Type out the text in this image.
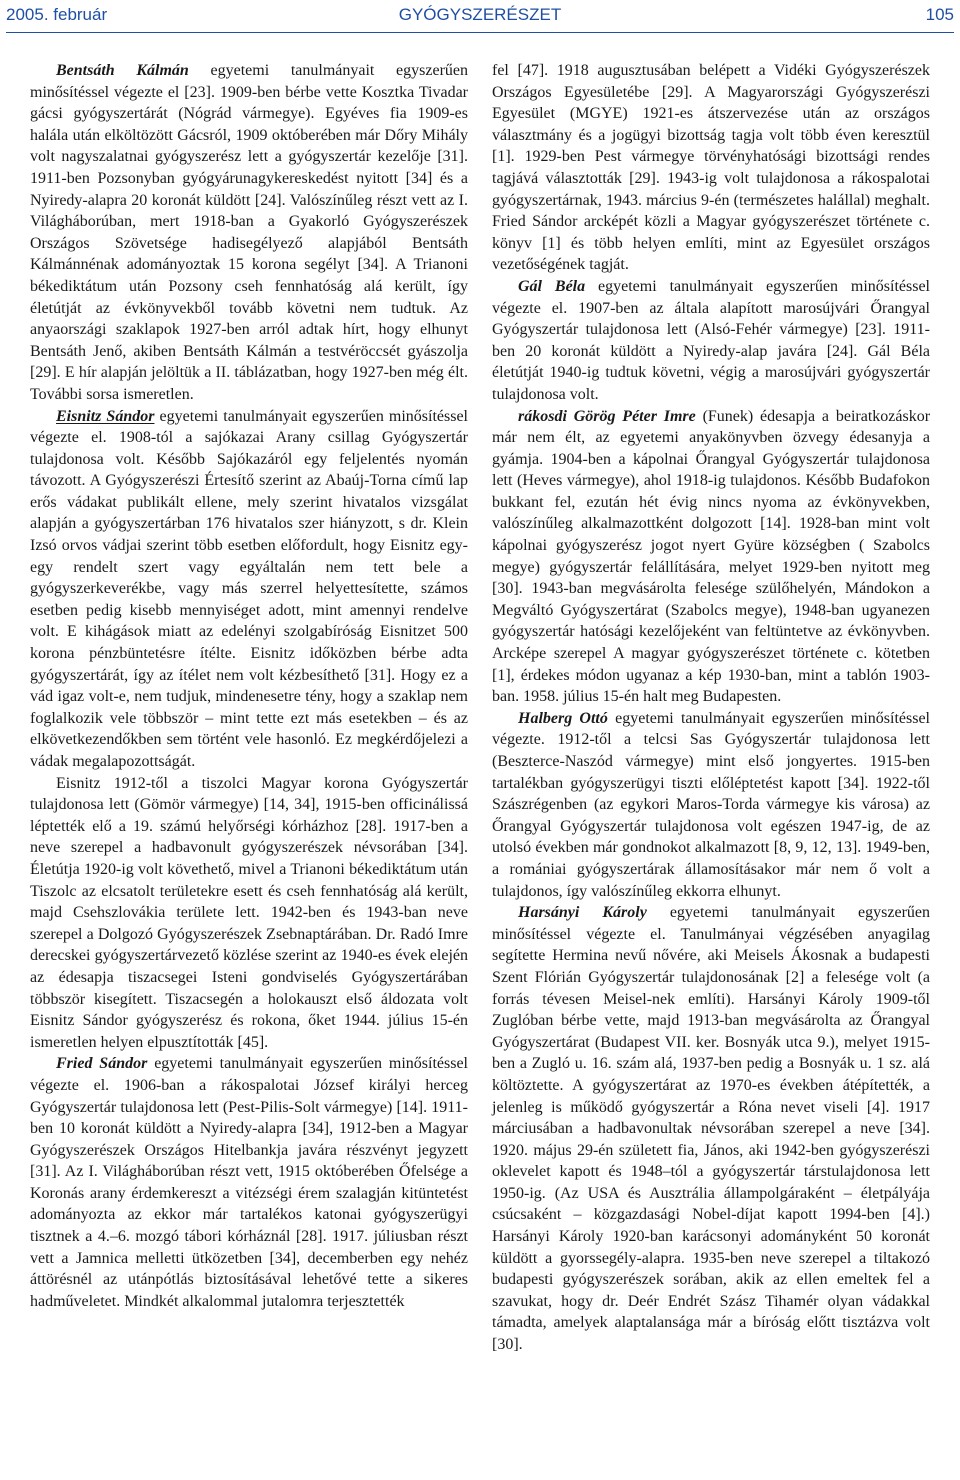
2005. február	GYÓGYSZERÉSZET	105

Bentsáth Kálmán egyetemi tanulmányait egyszerűen minősítéssel végezte el [23]. 1909-ben bérbe vette Kosztka Tivadar gácsi gyógyszertárát (Nógrád vármegye). Egyéves fia 1909-es halála után elköltözött Gácsról, 1909 októberében már Dőry Mihály volt nagyszalatnai gyógyszerész lett a gyógyszertár kezelője [31]. 1911-ben Pozsonyban gyógyárunagykereskedést nyitott [34] és a Nyiredy-alapra 20 koronát küldött [24]. Valószínűleg részt vett az I. Világháborúban, mert 1918-ban a Gyakorló Gyógyszerészek Országos Szövetsége hadisegélyező alapjából Bentsáth Kálmánnénak adományoztak 15 korona segélyt [34]. A Trianoni békediktátum után Pozsony cseh fennhatóság alá került, így életútját az évkönyvekből tovább követni nem tudtuk. Az anyaországi szaklapok 1927-ben arról adtak hírt, hogy elhunyt Bentsáth Jenő, akiben Bentsáth Kálmán a testvéröccsét gyászolja [29]. E hír alapján jelöltük a II. táblázatban, hogy 1927-ben még élt. További sorsa ismeretlen.

Eisnitz Sándor egyetemi tanulmányait egyszerűen minősítéssel végezte el. 1908-tól a sajókazai Arany csillag Gyógyszertár tulajdonosa volt. Később Sajókazáról egy feljelentés nyomán távozott. A Gyógyszerészi Értesítő szerint az Abaúj-Torna című lap erős vádakat publikált ellene, mely szerint hivatalos vizsgálat alapján a gyógyszertárban 176 hivatalos szer hiányzott, s dr. Klein Izsó orvos vádjai szerint több esetben előfordult, hogy Eisnitz egy-egy rendelt szert vagy egyáltalán nem tett bele a gyógyszerkeverékbe, vagy más szerrel helyettesítette, számos esetben pedig kisebb mennyiséget adott, mint amennyi rendelve volt. E kihágások miatt az edelényi szolgabíróság Eisnitzet 500 korona pénzbüntetésre ítélte. Eisnitz időközben bérbe adta gyógyszertárát, így az ítélet nem volt kézbesíthető [31]. Hogy ez a vád igaz volt-e, nem tudjuk, mindenesetre tény, hogy a szaklap nem foglalkozik vele többször – mint tette ezt más esetekben – és az elkövetkezendőkben sem történt vele hasonló. Ez megkérdőjelezi a vádak megalapozottságát.

Eisnitz 1912-től a tiszolci Magyar korona Gyógyszertár tulajdonosa lett (Gömör vármegye) [14, 34], 1915-ben officinálissá léptették elő a 19. számú helyőrségi kórházhoz [28]. 1917-ben a neve szerepel a hadbavonult gyógyszerészek névsorában [34]. Életútja 1920-ig volt követhető, mivel a Trianoni békediktátum után Tiszolc az elcsatolt területekre esett és cseh fennhatóság alá került, majd Csehszlovákia területe lett. 1942-ben és 1943-ban neve szerepel a Dolgozó Gyógyszerészek Zsebnaptárában. Dr. Radó Imre derecskei gyógyszertárvezető közlése szerint az 1940-es évek elején az édesapja tiszacsegei Isteni gondviselés Gyógyszertárában többször kisegített. Tiszacsegén a holokauszt első áldozata volt Eisnitz Sándor gyógyszerész és rokona, őket 1944. július 15-én ismeretlen helyen elpusztították [45].

Fried Sándor egyetemi tanulmányait egyszerűen minősítéssel végezte el. 1906-ban a rákospalotai József királyi herceg Gyógyszertár tulajdonosa lett (Pest-Pilis-Solt vármegye) [14]. 1911-ben 10 koronát küldött a Nyiredy-alapra [34], 1912-ben a Magyar Gyógyszerészek Országos Hitelbankja javára részvényt jegyzett [31]. Az I. Világháborúban részt vett, 1915 októberében Őfelsége a Koronás arany érdemkereszt a vitézségi érem szalagján kitüntetést adományozta az ekkor már tartalékos katonai gyógyszerügyi tisztnek a 4.–6. mozgó tábori kórháznál [28]. 1917. júliusban részt vett a Jamnica melletti ütközetben [34], decemberben egy nehéz áttörésnél az utánpótlás biztosításával lehetővé tette a sikeres hadműveletet. Mindkét alkalommal jutalomra terjesztették

fel [47]. 1918 augusztusában belépett a Vidéki Gyógyszerészek Országos Egyesületébe [29]. A Magyarországi Gyógyszerészi Egyesület (MGYE) 1921-es átszervezése után az országos választmány és a jogügyi bizottság tagja volt több éven keresztül [1]. 1929-ben Pest vármegye törvényhatósági bizottsági rendes tagjává választották [29]. 1943-ig volt tulajdonosa a rákospalotai gyógyszertárnak, 1943. március 9-én (természetes halállal) meghalt. Fried Sándor arcképét közli a Magyar gyógyszerészet története c. könyv [1] és több helyen említi, mint az Egyesület országos vezetőségének tagját.

Gál Béla egyetemi tanulmányait egyszerűen minősítéssel végezte el. 1907-ben az általa alapított marosújvári Őrangyal Gyógyszertár tulajdonosa lett (Alsó-Fehér vármegye) [23]. 1911-ben 20 koronát küldött a Nyiredy-alap javára [24]. Gál Béla életútját 1940-ig tudtuk követni, végig a marosújvári gyógyszertár tulajdonosa volt.

rákosdi Görög Péter Imre (Funek) édesapja a beiratkozáskor már nem élt, az egyetemi anyakönyvben özvegy édesanyja a gyámja. 1904-ben a kápolnai Őrangyal Gyógyszertár tulajdonosa lett (Heves vármegye), ahol 1918-ig tulajdonos. Később Budafokon bukkant fel, ezután hét évig nincs nyoma az évkönyvekben, valószínűleg alkalmazottként dolgozott [14]. 1928-ban mint volt kápolnai gyógyszerész jogot nyert Gyüre községben ( Szabolcs megye) gyógyszertár felállítására, melyet 1929-ben nyitott meg [30]. 1943-ban megvásárolta felesége szülőhelyén, Mándokon a Megváltó Gyógyszertárat (Szabolcs megye), 1948-ban ugyanezen gyógyszertár hatósági kezelőjeként van feltüntetve az évkönyvben. Arcképe szerepel A magyar gyógyszerészet története c. kötetben [1], érdekes módon ugyanaz a kép 1930-ban, mint a tablón 1903-ban. 1958. július 15-én halt meg Budapesten.

Halberg Ottó egyetemi tanulmányait egyszerűen minősítéssel végezte. 1912-től a telcsi Sas Gyógyszertár tulajdonosa lett (Beszterce-Naszód vármegye) mint első jongyertes. 1915-ben tartalékban gyógyszerügyi tiszti előléptetést kapott [34]. 1922-től Szászrégenben (az egykori Maros-Torda vármegye kis városa) az Őrangyal Gyógyszertár tulajdonosa volt egészen 1947-ig, de az utolsó években már gondnokot alkalmazott [8, 9, 12, 13]. 1949-ben, a romániai gyógyszertárak államosításakor már nem ő volt a tulajdonos, így valószínűleg ekkorra elhunyt.

Harsányi Károly egyetemi tanulmányait egyszerűen minősítéssel végezte el. Tanulmányai végzésében anyagilag segítette Hermina nevű nővére, aki Meisels Ákosnak a budapesti Szent Flórián Gyógyszertár tulajdonosának [2] a felesége volt (a forrás tévesen Meisel-nek említi). Harsányi Károly 1909-től Zuglóban bérbe vette, majd 1913-ban megvásárolta az Őrangyal Gyógyszertárat (Budapest VII. ker. Bosnyák utca 9.), melyet 1915-ben a Zugló u. 16. szám alá, 1937-ben pedig a Bosnyák u. 1 sz. alá költöztette. A gyógyszertárat az 1970-es években átépítették, a jelenleg is működő gyógyszertár a Róna nevet viseli [4]. 1917 márciusában a hadbavonultak névsorában szerepel a neve [34]. 1920. május 29-én született fia, János, aki 1942-ben gyógyszerészi oklevelet kapott és 1948–tól a gyógyszertár társtulajdonosa lett 1950-ig. (Az USA és Ausztrália állampolgáraként – életpályája csúcsaként – közgazdasági Nobel-díjat kapott 1994-ben [4].) Harsányi Károly 1920-ban karácsonyi adományként 50 koronát küldött a gyorssegély-alapra. 1935-ben neve szerepel a tiltakozó budapesti gyógyszerészek sorában, akik az ellen emeltek fel a szavukat, hogy dr. Deér Endrét Szász Tihamér olyan vádakkal támadta, amelyek alaptalansága már a bíróság előtt tisztázva volt [30].
